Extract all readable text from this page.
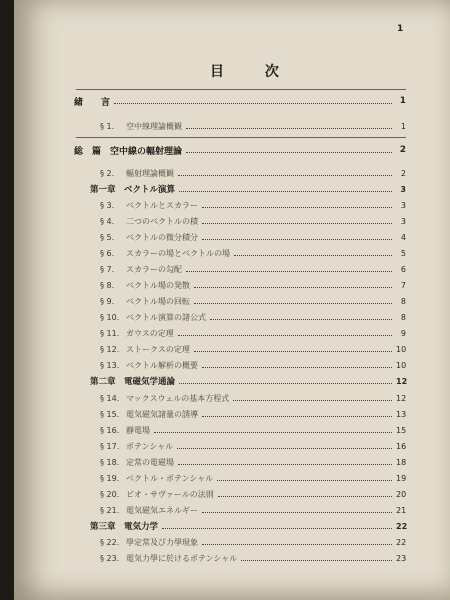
1
目 次
緒　　言	1
§ 1.	空中線理論概観	1
総　篇　空中線の輻射理論	2
§ 2.	輻射理論概観	2
第一章　ベクトル演算	3
§ 3.	ベクトルとスカラー	3
§ 4.	二つのベクトルの積	3
§ 5.	ベクトルの微分積分	4
§ 6.	スカラーの場とベクトルの場	5
§ 7.	スカラーの勾配	6
§ 8.	ベクトル場の発散	7
§ 9.	ベクトル場の回転	8
§ 10. ベクトル演算の諸公式	8
§ 11. ガウスの定理	9
§ 12. ストークスの定理	10
§ 13. ベクトル解析の概要	10
第二章　電磁気学通論	12
§ 14. マックスウェルの基本方程式	12
§ 15. 電気磁気諸量の誘導	13
§ 16. 靜電場	15
§ 17. ポテンシャル	16
§ 18. 定常の電磁場	18
§ 19. ベクトル・ポテンシャル	19
§ 20. ビオ・サヴァールの法則	20
§ 21. 電気磁気エネルギー	21
第三章　電気力学	22
§ 22. 學定常及び力學現象	22
§ 23. 電気力學に於けるポテンシャル	23
